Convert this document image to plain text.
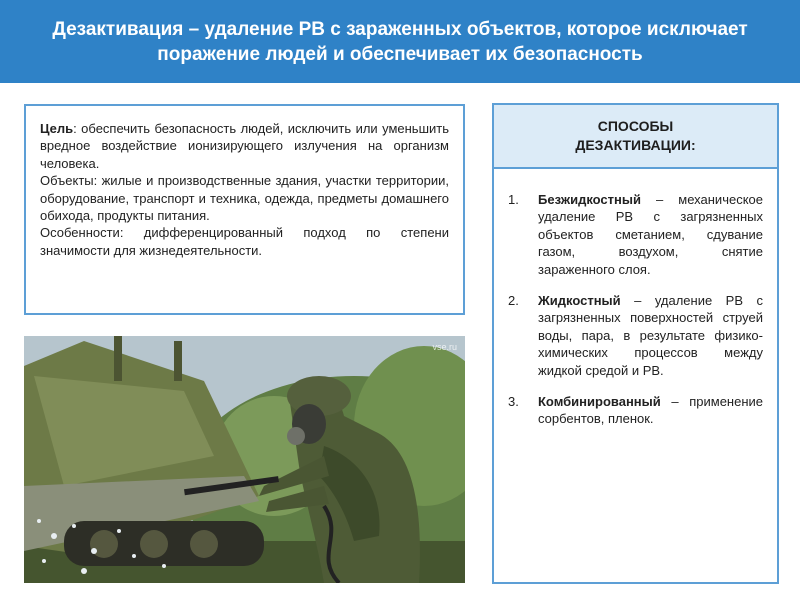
Дезактивация – удаление РВ с зараженных объектов, которое исключает
поражение людей и обеспечивает их безопасность

Цель: обеспечить безопасность людей, исключить или уменьшить вредное воздействие ионизирующего излучения на организм человека.

Объекты: жилые и производственные здания, участки территории, оборудование, транспорт и техника, одежда, предметы домашнего обихода, продукты питания.

Особенности: дифференцированный подход по степени значимости для жизнедеятельности.

vse.ru
СПОСОБЫ ДЕЗАКТИВАЦИИ:
1.	Безжидкостный – механическое удаление РВ с загрязненных объектов сметанием, сдувание газом, воздухом, снятие зараженного слоя.
2.	Жидкостный – удаление РВ с загрязненных поверхностей струей воды, пара, в результате физико-химических процессов между жидкой средой и РВ.
3.	Комбинированный – применение сорбентов, пленок.
